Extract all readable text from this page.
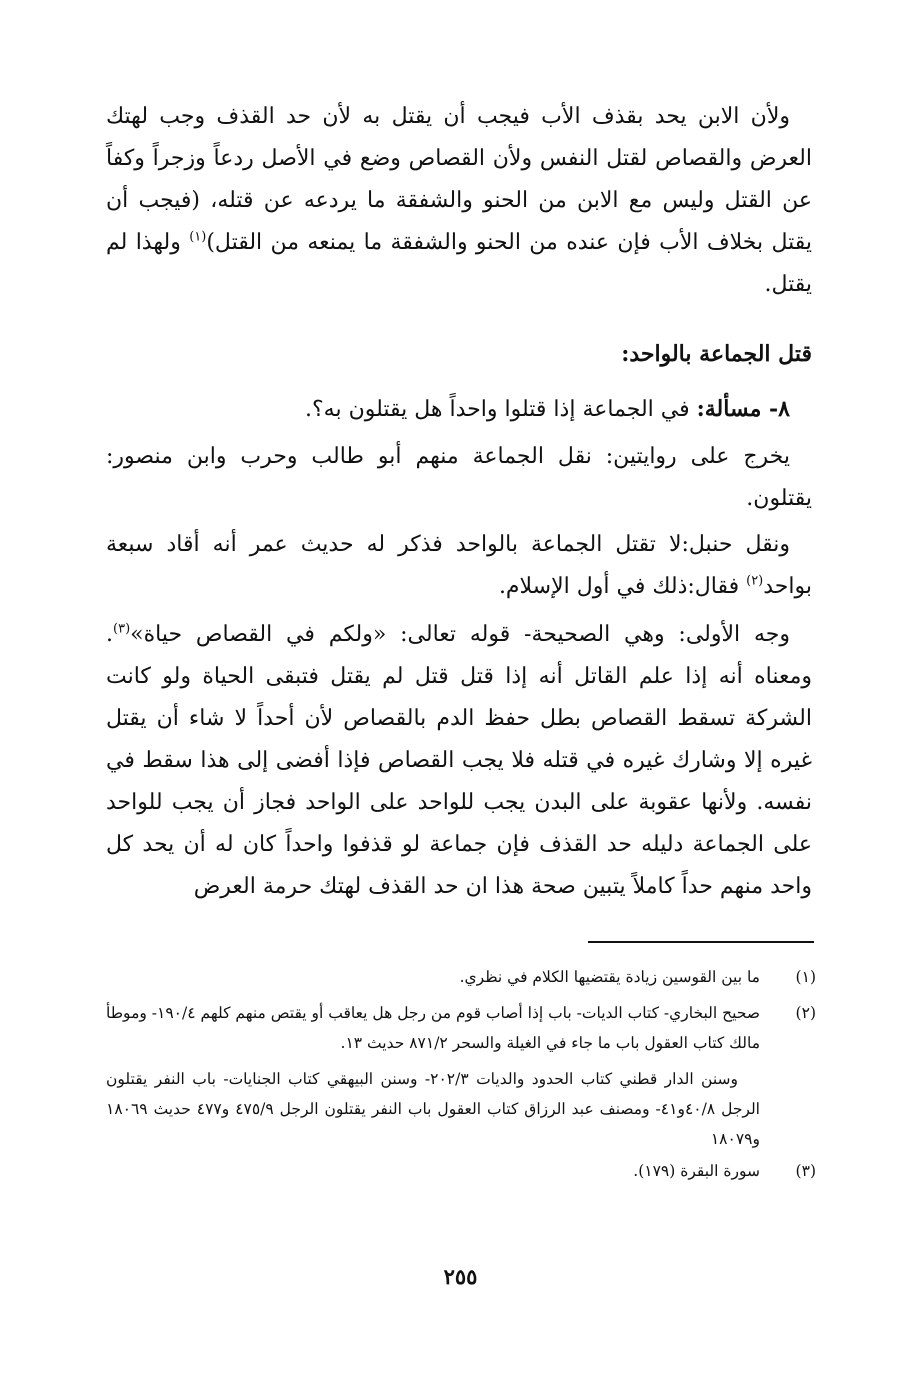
ولأن الابن يحد بقذف الأب فيجب أن يقتل به لأن حد القذف وجب لهتك العرض والقصاص لقتل النفس ولأن القصاص وضع في الأصل ردعاً وزجراً وكفاً عن القتل وليس مع الابن من الحنو والشفقة ما يردعه عن قتله، (فيجب أن يقتل بخلاف الأب فإن عنده من الحنو والشفقة ما يمنعه من القتل)$^{(١)}$ ولهذا لم يقتل.

قتل الجماعة بالواحد:

٨- مسألة: في الجماعة إذا قتلوا واحداً هل يقتلون به؟.

يخرج على روايتين: نقل الجماعة منهم أبو طالب وحرب وابن منصور: يقتلون.

ونقل حنبل:لا تقتل الجماعة بالواحد فذكر له حديث عمر أنه أقاد سبعة بواحد$^{(٢)}$ فقال:ذلك في أول الإسلام.

وجه الأولى: وهي الصحيحة- قوله تعالى: «ولكم في القصاص حياة»$^{(٣)}$. ومعناه أنه إذا علم القاتل أنه إذا قتل قتل لم يقتل فتبقى الحياة ولو كانت الشركة تسقط القصاص بطل حفظ الدم بالقصاص لأن أحداً لا شاء أن يقتل غيره إلا وشارك غيره في قتله فلا يجب القصاص فإذا أفضى إلى هذا سقط في نفسه. ولأنها عقوبة على البدن يجب للواحد على الواحد فجاز أن يجب للواحد على الجماعة دليله حد القذف فإن جماعة لو قذفوا واحداً كان له أن يحد كل واحد منهم حداً كاملاً يتبين صحة هذا ان حد القذف لهتك حرمة العرض

(١)
ما بين القوسين زيادة يقتضيها الكلام في نظري.
(٢)
صحيح البخاري- كتاب الديات- باب إذا أصاب قوم من رجل هل يعاقب أو يقتص منهم كلهم ١٩٠/٤- وموطأ مالك كتاب العقول باب ما جاء في الغيلة والسحر ٨٧١/٢ حديث ١٣.
وسنن الدار قطني كتاب الحدود والديات ٢٠٢/٣- وسنن البيهقي كتاب الجنايات- باب النفر يقتلون الرجل ٤٠/٨و٤١- ومصنف عبد الرزاق كتاب العقول باب النفر يقتلون الرجل ٤٧٥/٩ و٤٧٧ حديث ١٨٠٦٩ و١٨٠٧٩
(٣)
سورة البقرة (١٧٩).
٢٥٥
